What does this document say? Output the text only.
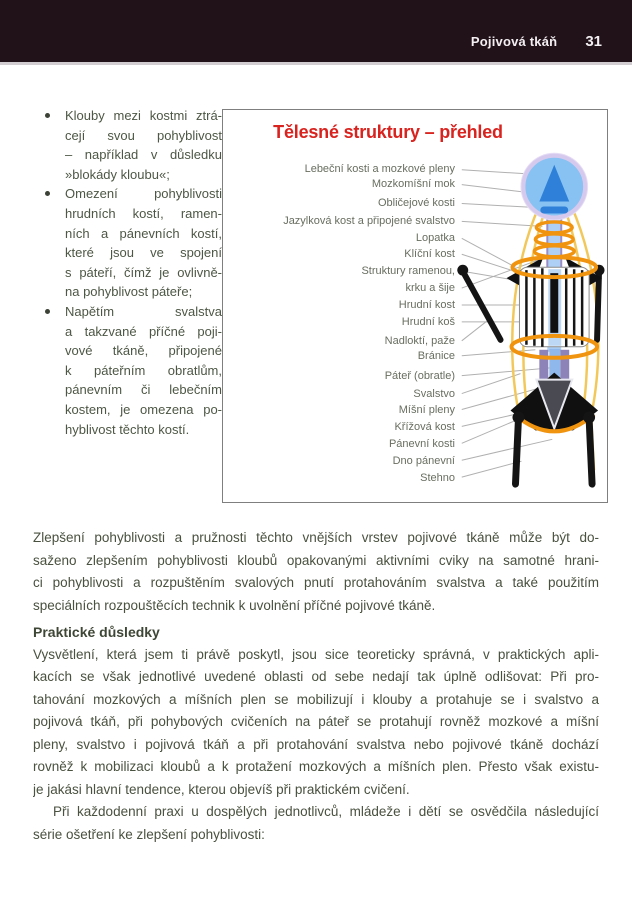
Pojivová tkáň 31
Klouby mezi kostmi ztrá-
cejí svou pohyblivost
– například v důsledku
»blokády kloubu«;
Omezení pohyblivosti
hrudních kostí, ramen-
ních a pánevních kostí,
které jsou ve spojení
s páteří, čímž je ovlivně-
na pohyblivost páteře;
Napětím svalstva
a takzvané příčné poji-
vové tkáně, připojené
k páteřním obratlům,
pánevním či lebečním
kostem, je omezena po-
hyblivost těchto kostí.
Tělesné struktury – přehled
Lebeční kosti a mozkové pleny
Mozkomíšní mok
Obličejové kosti
Jazylková kost a připojené svalstvo
Lopatka
Klíční kost
Struktury ramenou,
krku a šije
Hrudní kost
Hrudní koš
Nadloktí, paže
Bránice
Páteř (obratle)
Svalstvo
Míšní pleny
Křížová kost
Pánevní kosti
Dno pánevní
Stehno
Zlepšení pohyblivosti a pružnosti těchto vnějších vrstev pojivové tkáně může být do-
saženo zlepšením pohyblivosti kloubů opakovanými aktivními cviky na samotné hrani-
ci pohyblivosti a rozpuštěním svalových pnutí protahováním svalstva a také použitím
speciálních rozpouštěcích technik k uvolnění příčné pojivové tkáně.
Praktické důsledky
Vysvětlení, která jsem ti právě poskytl, jsou sice teoreticky správná, v praktických apli-
kacích se však jednotlivé uvedené oblasti od sebe nedají tak úplně odlišovat: Při pro-
tahování mozkových a míšních plen se mobilizují i klouby a protahuje se i svalstvo a
pojivová tkáň, při pohybových cvičeních na páteř se protahují rovněž mozkové a míšní
pleny, svalstvo i pojivová tkáň a při protahování svalstva nebo pojivové tkáně dochází
rovněž k mobilizaci kloubů a k protažení mozkových a míšních plen. Přesto však existu-
je jakási hlavní tendence, kterou objevíš při praktickém cvičení.
Při každodenní praxi u dospělých jednotlivců, mládeže i dětí se osvědčila následující
série ošetření ke zlepšení pohyblivosti:
